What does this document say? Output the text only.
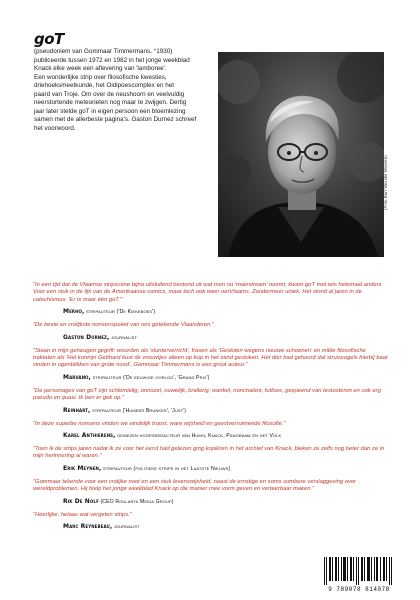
goT

(pseudoniem van Gommaar Timmermans, °1930)
publiceerde tussen 1972 en 1982 in het jonge weekblad
Knack elke week een aflevering van 'lamboree'.
Een wonderlijke strip over filosofische kwesties,
driehoeksmeetkunde, het Oidipoescomplex en het
paard van Troje. Om over de neushoorn en veelvuldig
neerstortende meteorieten nog maar te zwijgen. Dertig
jaar later stelde goT in eigen persoon een bloemlezing
samen met de allerbeste pagina's. Gaston Durnez schreef
het voorwoord.

(Foto Bart Van der Moeren)

"In een tijd dat de Vlaamse stripscène bijna uitsluitend bestond uit wat men nu 'mainstream' noemt, kwam goT met iets helemaal anders. Voor een stuk in de lijn van de Amerikaanse comics, maar toch ook weer oerVlaams. Zandermeer uniek. Het stond al jaren in de catechismus: 'Er is maar één goT.'"

Merho, stripauteur ('De Kiekeboes')

"De beste en vrolijkste nonsenspoëet van ons getekende Vlaanderen."

Gaston Durnez, journalist

"Staan in mijn geheugen gegrift: woorden als 'slunterverricht', frasen als 'Gesloten wegens nieuwe schoenen' en milde filosofische traktaten als 'Het koninjn Gebhard kust de vrouwtjes alleen op kop in het zand gestoken. Het dier had gehoord dat struisvogels hierbij baat vinden in ogenblikken van grote nood'. Gommaar Timmermans is een groot auteur."

Marvano, stripauteur ('De eeuwige oorlog', 'Grand Prix')

"De personages van goT zijn schlemielig, onnozel, ouwelijk, brallerig, wankel, nonchalant, futloos, gespeend van testosteron en ook erg pseudo en quasi. Ik ben er gek op."

Reinhart, stripauteur ('Humeer Brunker', 'Just')

"In deze superbe nonsens vinden we eindelijk troost, ware wijsheid en geestverruimende filosofie."

Karel Anthierens, gewezen hoofdredacteur van Humo, Knack, Panorama en het Volk

"Toen ik de strips jaren nadat ik ze voor het eerst had gelezen ging kopiëren in het archief van Knack, bleken ze zelfs nog beter dan ze in mijn herinnering al waren."

Erik Meynen, stripauteur (politieke strips in het Laatste Nieuws)

"Gommaar tekende voor een vrolijke noot en een stuk levenswijsheid, naast de ernstige en soms sombere verslaggeving over wereldproblemen. Hij hielp het jonge weekblad Knack op die manier mee vorm geven en verteerbaar maken."

Rik De Nolf (CEO Roularta Media Group)

"Heerlijke, helaas wat vergeten strips."

Marc Reynebeau, journalist

9 789078 814078
